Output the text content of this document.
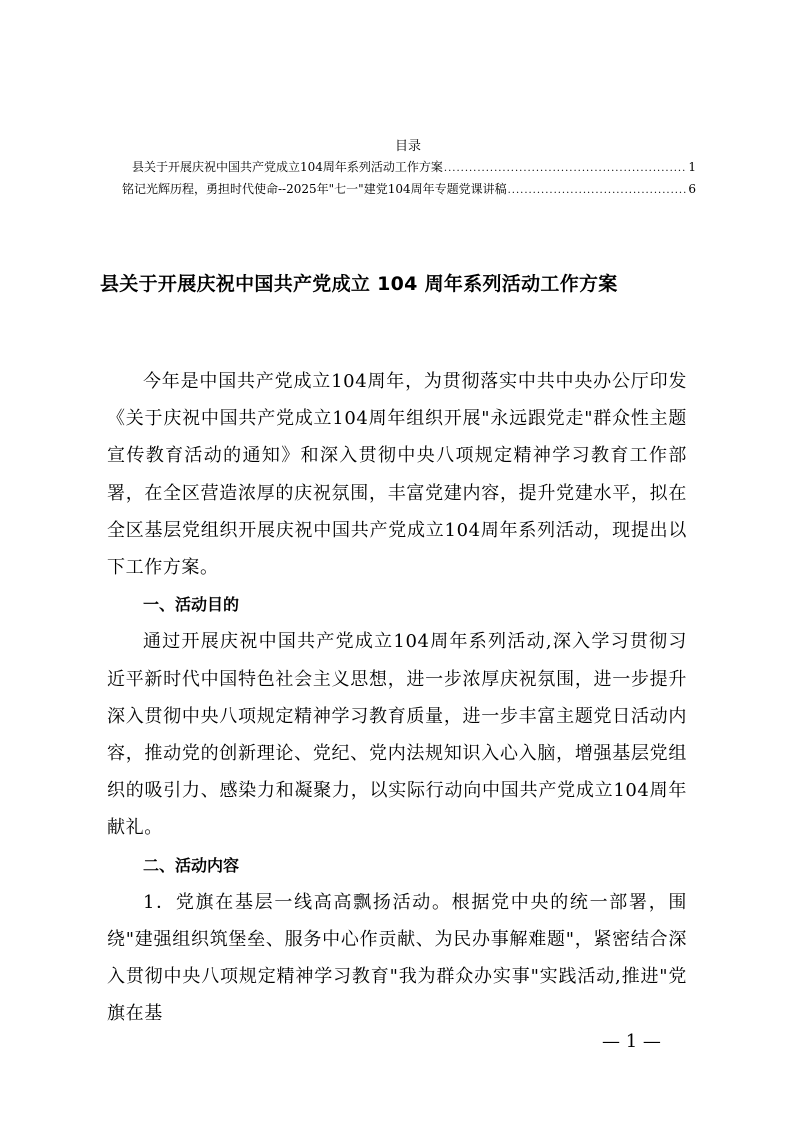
目录
县关于开展庆祝中国共产党成立104周年系列活动工作方案 .....	1
铭记光辉历程，勇担时代使命--2025年"七一"建党104周年专题党课讲稿 .....	6
县关于开展庆祝中国共产党成立 104 周年系列活动工作方案

今年是中国共产党成立104周年，为贯彻落实中共中央办公厅印发《关于庆祝中国共产党成立104周年组织开展"永远跟党走"群众性主题宣传教育活动的通知》和深入贯彻中央八项规定精神学习教育工作部署，在全区营造浓厚的庆祝氛围，丰富党建内容，提升党建水平，拟在全区基层党组织开展庆祝中国共产党成立104周年系列活动，现提出以下工作方案。

一、活动目的

通过开展庆祝中国共产党成立104周年系列活动,深入学习贯彻习近平新时代中国特色社会主义思想，进一步浓厚庆祝氛围，进一步提升深入贯彻中央八项规定精神学习教育质量，进一步丰富主题党日活动内容，推动党的创新理论、党纪、党内法规知识入心入脑，增强基层党组织的吸引力、感染力和凝聚力，以实际行动向中国共产党成立104周年献礼。

二、活动内容

1．党旗在基层一线高高飘扬活动。根据党中央的统一部署，围绕"建强组织筑堡垒、服务中心作贡献、为民办事解难题"，紧密结合深入贯彻中央八项规定精神学习教育"我为群众办实事"实践活动,推进"党旗在基

— 1 —
